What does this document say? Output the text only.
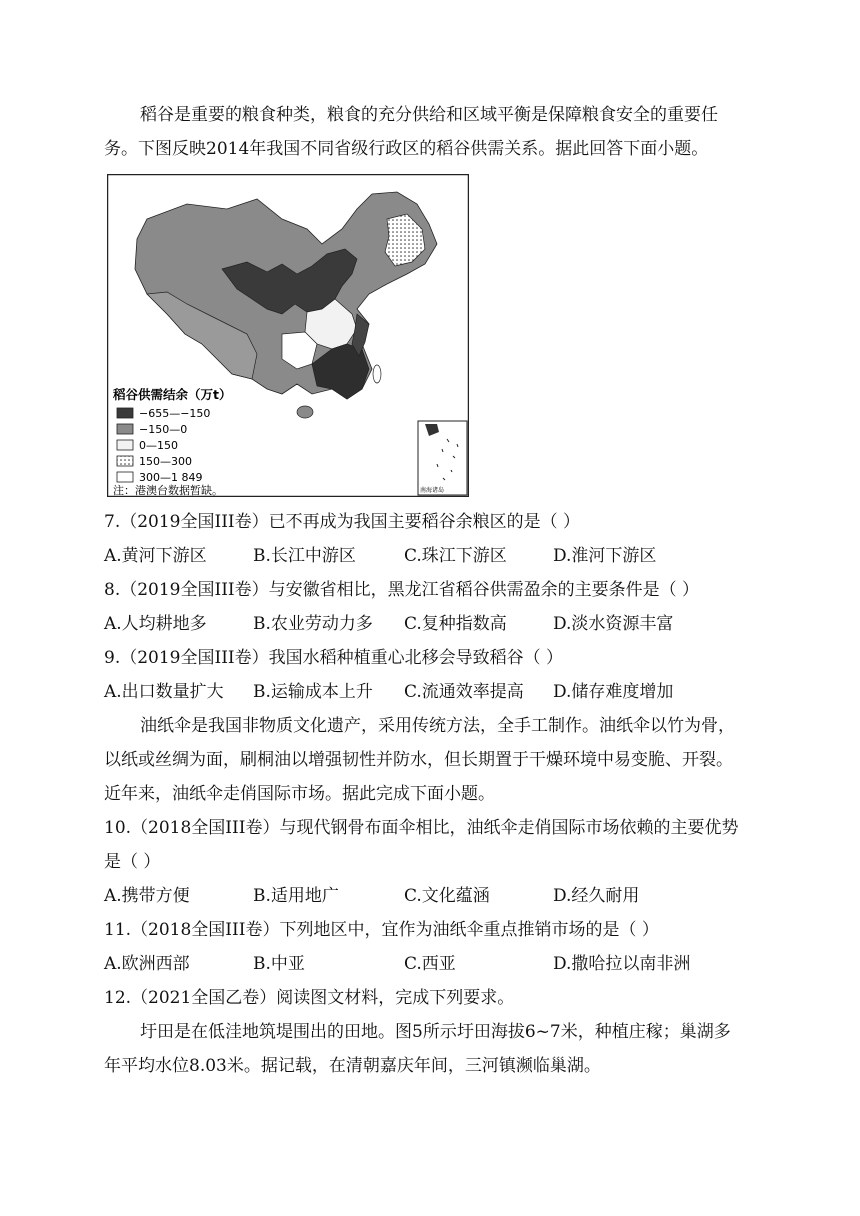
稻谷是重要的粮食种类，粮食的充分供给和区域平衡是保障粮食安全的重要任务。下图反映2014年我国不同省级行政区的稻谷供需关系。据此回答下面小题。

稻谷供需结余（万t）
−655—−150
−150—0
0—150
150—300
300—1 849
注：港澳台数据暂缺。	南海诸岛

7.（2019全国III卷）已不再成为我国主要稻谷余粮区的是（ ）

A.黄河下游区	B.长江中游区	C.珠江下游区	D.淮河下游区

8.（2019全国III卷）与安徽省相比，黑龙江省稻谷供需盈余的主要条件是（ ）

A.人均耕地多	B.农业劳动力多 C.复种指数高	D.淡水资源丰富

9.（2019全国III卷）我国水稻种植重心北移会导致稻谷（ ）

A.出口数量扩大 B.运输成本上升 C.流通效率提高 D.储存难度增加

油纸伞是我国非物质文化遗产，采用传统方法，全手工制作。油纸伞以竹为骨，以纸或丝绸为面，刷桐油以增强韧性并防水，但长期置于干燥环境中易变脆、开裂。近年来，油纸伞走俏国际市场。据此完成下面小题。

10.（2018全国III卷）与现代钢骨布面伞相比，油纸伞走俏国际市场依赖的主要优势

是（ ）

A.携带方便	B.适用地广	C.文化蕴涵	D.经久耐用

11.（2018全国III卷）下列地区中，宜作为油纸伞重点推销市场的是（ ）

A.欧洲西部	B.中亚	C.西亚	D.撒哈拉以南非洲

12.（2021全国乙卷）阅读图文材料，完成下列要求。

圩田是在低洼地筑堤围出的田地。图5所示圩田海拔6~7米，种植庄稼；巢湖多年平均水位8.03米。据记载，在清朝嘉庆年间，三河镇濒临巢湖。
